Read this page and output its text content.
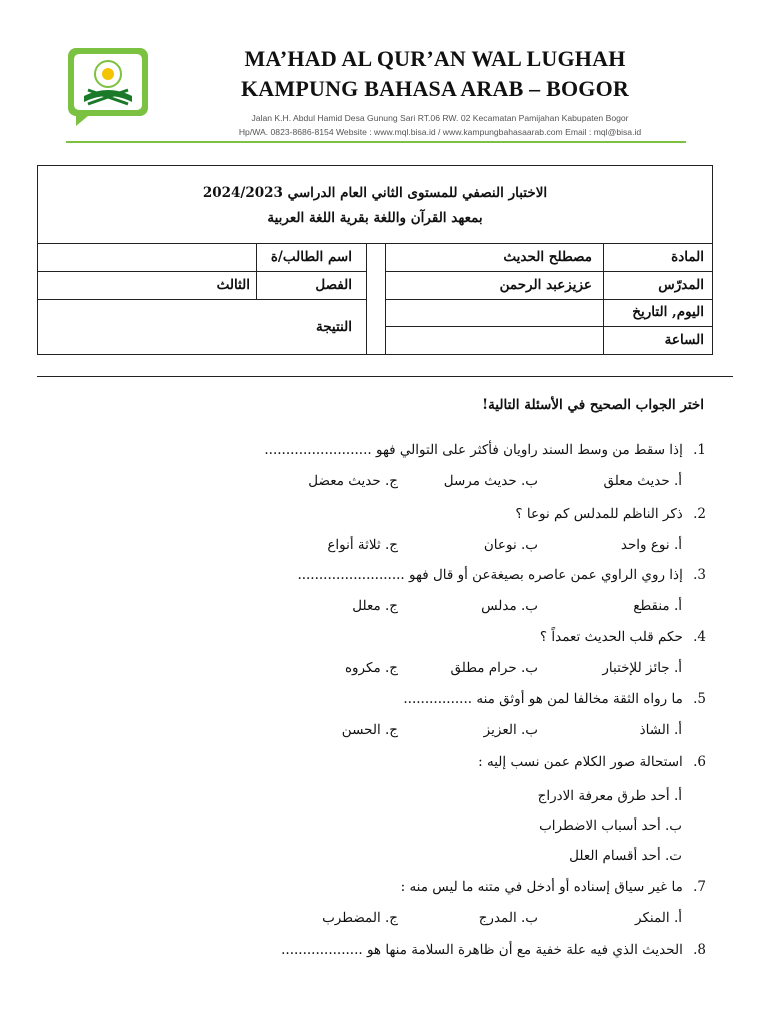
MA’HAD AL QUR’AN WAL LUGHAH
KAMPUNG BAHASA ARAB – BOGOR
Jalan K.H. Abdul Hamid Desa Gunung Sari RT.06 RW. 02 Kecamatan Pamijahan Kabupaten Bogor
Hp/WA. 0823-8686-8154 Website : www.mql.bisa.id / www.kampungbahasaarab.com Email : mql@bisa.id
الاختبار النصفي للمستوى الثاني العام الدراسي 2024/2023
بمعهد القرآن واللغة بقرية اللغة العربية
المادة
مصطلح الحديث
المدرّس
عزيزعبد الرحمن
اليوم, التاريخ
الساعة
اسم الطالب/ة
الفصل
الثالث
النتيجة
اختر الجواب الصحيح في الأسئلة التالية!
1. إذا سقط من وسط السند راويان فأكثر على التوالي فهو .........................
أ. حديث معلق
ب. حديث مرسل
ج. حديث معضل
2. ذكر الناظم للمدلس كم نوعا ؟
أ. نوع واحد
ب. نوعان
ج. ثلاثة أنواع
3. إذا روي الراوي عمن عاصره بصيغةعن أو قال فهو .........................
أ. منقطع
ب. مدلس
ج. معلل
4. حكم قلب الحديث تعمداً ؟
أ. جائز للإختبار
ب. حرام مطلق
ج. مكروه
5. ما رواه الثقة مخالفا لمن هو أوثق منه ................
أ. الشاذ
ب. العزيز
ج. الحسن
6. استحالة صور الكلام عمن نسب إليه :
أ. أحد طرق معرفة الادراج
ب. أحد أسباب الاضطراب
ت. أحد أقسام العلل
7. ما غير سياق إسناده أو أدخل في متنه ما ليس منه :
أ. المنكر
ب. المدرج
ج. المضطرب
8. الحديث الذي فيه علة خفية مع أن ظاهرة السلامة منها هو ...................
